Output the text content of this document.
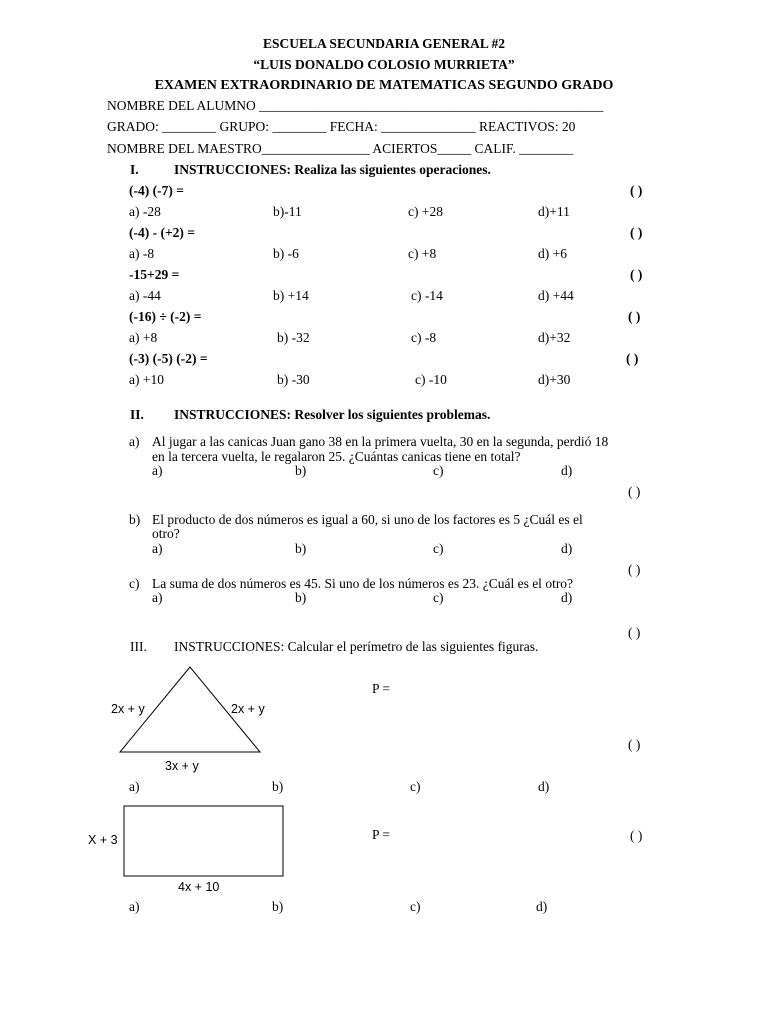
ESCUELA SECUNDARIA GENERAL #2
“LUIS DONALDO COLOSIO MURRIETA”
EXAMEN EXTRAORDINARIO DE MATEMATICAS SEGUNDO GRADO
NOMBRE DEL ALUMNO ___________________________________________________
GRADO: ________ GRUPO: ________ FECHA: ______________ REACTIVOS: 20
NOMBRE DEL MAESTRO________________ ACIERTOS_____ CALIF. ________
I.	INSTRUCCIONES: Realiza las siguientes operaciones.
(-4) (-7) =	( )
a) -28	b)-11	c) +28	d)+11
(-4) - (+2) =	( )
a) -8	b) -6	c) +8	d) +6
-15+29 =	( )
a) -44	b) +14	c) -14	d) +44
(-16) ÷ (-2) =	( )
a) +8	b) -32	c) -8	d)+32
(-3) (-5) (-2) =	( )
a) +10	b) -30	c) -10	d)+30
II. INSTRUCCIONES: Resolver los siguientes problemas.
a) Al jugar a las canicas Juan gano 38 en la primera vuelta, 30 en la segunda, perdió 18
en la tercera vuelta, le regalaron 25. ¿Cuántas canicas tiene en total?
a)	b)	c)	d)
( )
b) El producto de dos números es igual a 60, si uno de los factores es 5 ¿Cuál es el
otro?
a)	b)	c)	d)
( )
c) La suma de dos números es 45. Si uno de los números es 23. ¿Cuál es el otro?
a)	b)	c)	d)
( )
III. INSTRUCCIONES: Calcular el perímetro de las siguientes figuras.
2x + y	2x + y
3x + y
P =
( )
a)	b)	c)	d)
X + 3
4x + 10
P =	( )
a)	b)	c)	d)
